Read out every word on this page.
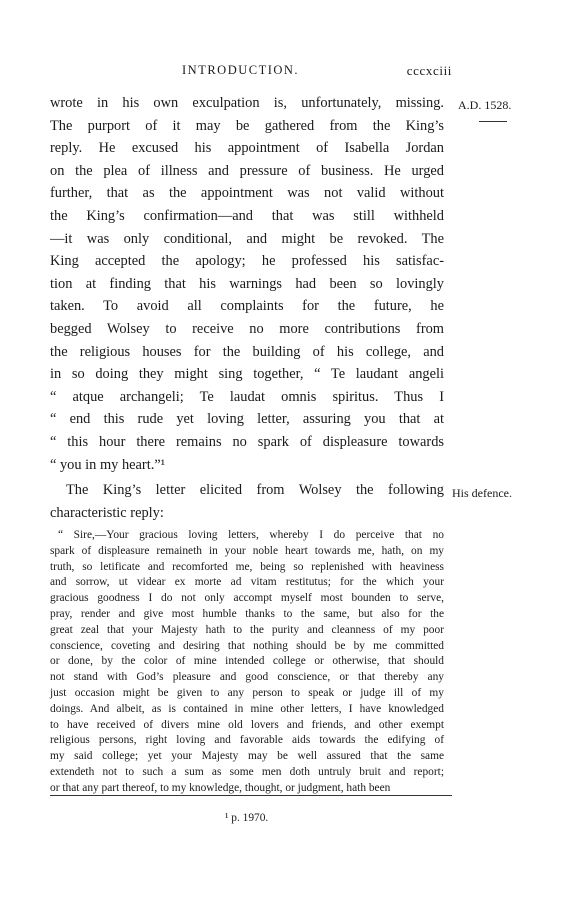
INTRODUCTION.	cccxciii
A.D. 1528.
His defence.
wrote in his own exculpation is, unfortunately, missing.
The purport of it may be gathered from the King’s
reply. He excused his appointment of Isabella Jordan
on the plea of illness and pressure of business. He urged
further, that as the appointment was not valid without
the King’s confirmation—and that was still withheld
—it was only conditional, and might be revoked. The
King accepted the apology; he professed his satisfac-
tion at finding that his warnings had been so lovingly
taken. To avoid all complaints for the future, he
begged Wolsey to receive no more contributions from
the religious houses for the building of his college, and
in so doing they might sing together, “ Te laudant angeli
“ atque archangeli; Te laudat omnis spiritus. Thus I
“ end this rude yet loving letter, assuring you that at
“ this hour there remains no spark of displeasure towards
“ you in my heart.”¹
The King’s letter elicited from Wolsey the following
characteristic reply:
“ Sire,—Your gracious loving letters, whereby I do perceive that no
spark of displeasure remaineth in your noble heart towards me, hath, on my
truth, so letificate and recomforted me, being so replenished with heaviness
and sorrow, ut videar ex morte ad vitam restitutus; for the which your
gracious goodness I do not only accompt myself most bounden to serve,
pray, render and give most humble thanks to the same, but also for the
great zeal that your Majesty hath to the purity and cleanness of my poor
conscience, coveting and desiring that nothing should be by me committed
or done, by the color of mine intended college or otherwise, that should
not stand with God’s pleasure and good conscience, or that thereby any
just occasion might be given to any person to speak or judge ill of my
doings. And albeit, as is contained in mine other letters, I have knowledged
to have received of divers mine old lovers and friends, and other exempt
religious persons, right loving and favorable aids towards the edifying of
my said college; yet your Majesty may be well assured that the same
extendeth not to such a sum as some men doth untruly bruit and report;
or that any part thereof, to my knowledge, thought, or judgment, hath been
¹ p. 1970.
